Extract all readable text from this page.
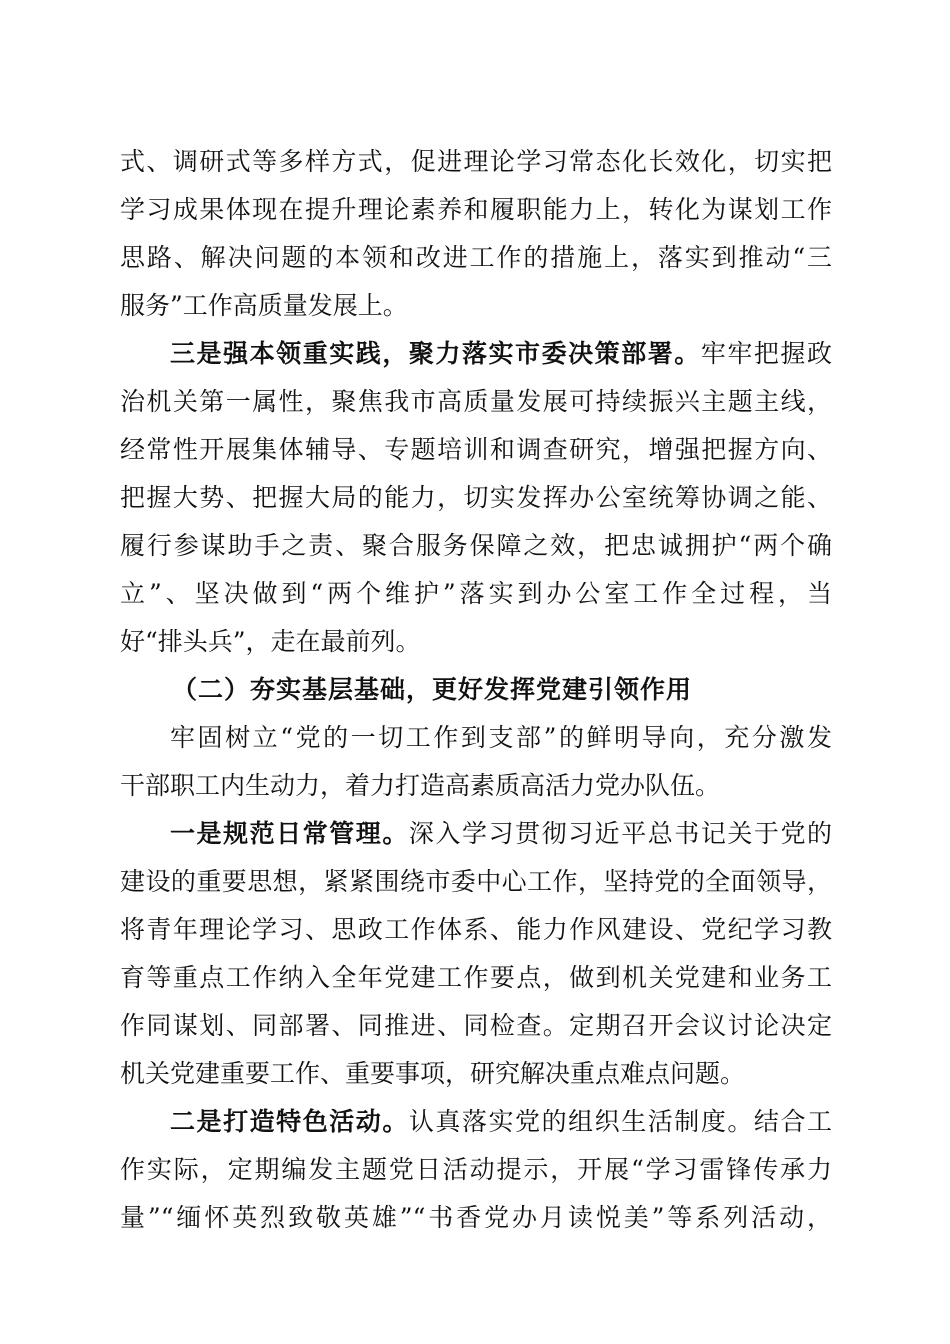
式、调研式等多样方式，促进理论学习常态化长效化，切实把
学习成果体现在提升理论素养和履职能力上，转化为谋划工作
思路、解决问题的本领和改进工作的措施上，落实到推动“三
服务”工作高质量发展上。
三是强本领重实践，聚力落实市委决策部署。牢牢把握政
治机关第一属性，聚焦我市高质量发展可持续振兴主题主线，
经常性开展集体辅导、专题培训和调查研究，增强把握方向、
把握大势、把握大局的能力，切实发挥办公室统筹协调之能、
履行参谋助手之责、聚合服务保障之效，把忠诚拥护“两个确
立”、坚决做到“两个维护”落实到办公室工作全过程，当
好“排头兵”，走在最前列。
（二）夯实基层基础，更好发挥党建引领作用
牢固树立“党的一切工作到支部”的鲜明导向，充分激发
干部职工内生动力，着力打造高素质高活力党办队伍。
一是规范日常管理。深入学习贯彻习近平总书记关于党的
建设的重要思想，紧紧围绕市委中心工作，坚持党的全面领导，
将青年理论学习、思政工作体系、能力作风建设、党纪学习教
育等重点工作纳入全年党建工作要点，做到机关党建和业务工
作同谋划、同部署、同推进、同检查。定期召开会议讨论决定
机关党建重要工作、重要事项，研究解决重点难点问题。
二是打造特色活动。认真落实党的组织生活制度。结合工
作实际，定期编发主题党日活动提示，开展“学习雷锋传承力
量”“缅怀英烈致敬英雄”“书香党办月读悦美”等系列活动，
